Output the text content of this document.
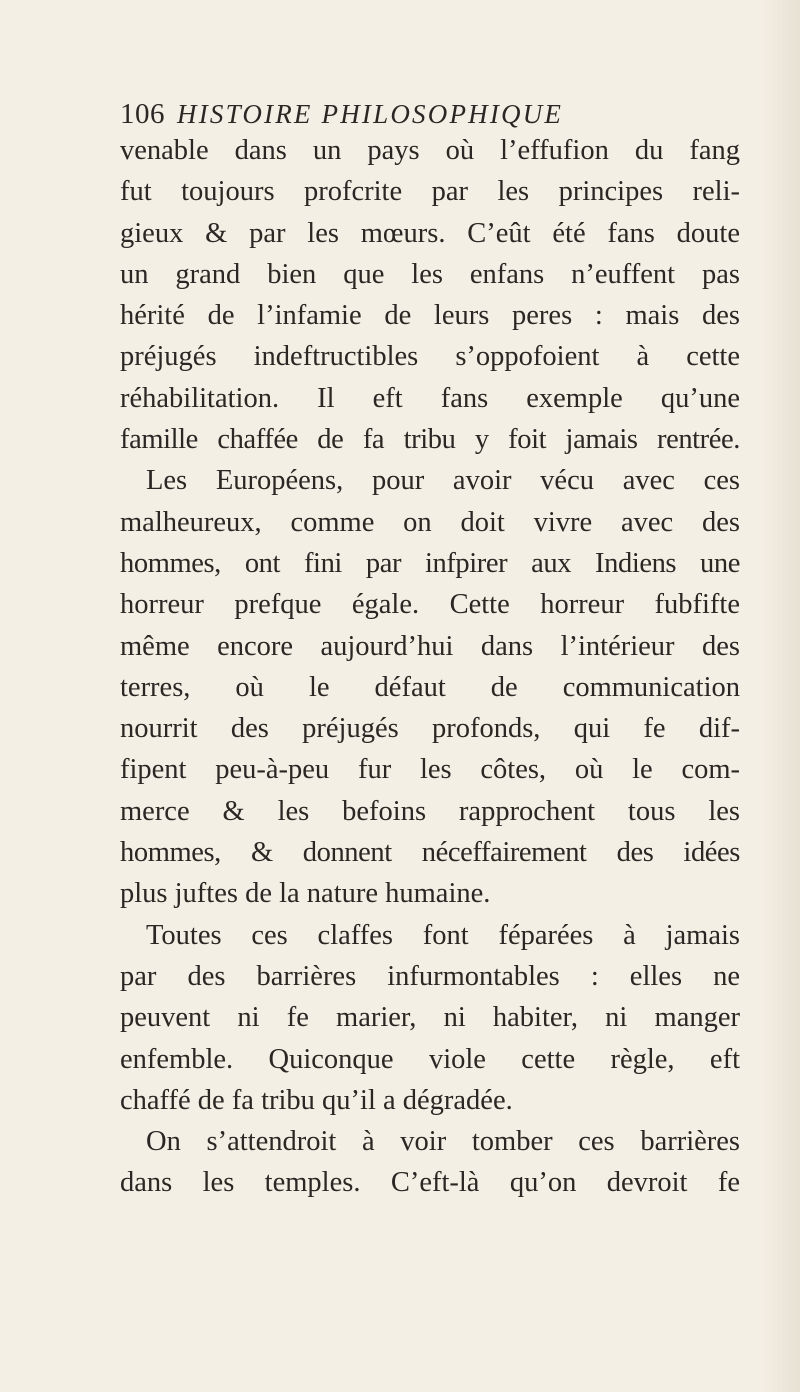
106 HISTOIRE PHILOSOPHIQUE
venable dans un pays où l’effufion du fang
fut toujours profcrite par les principes reli-
gieux & par les mœurs. C’eût été fans doute
un grand bien que les enfans n’euffent pas
hérité de l’infamie de leurs peres : mais des
préjugés indeftructibles s’oppofoient à cette
réhabilitation. Il eft fans exemple qu’une
famille chaffée de fa tribu y foit jamais rentrée.
Les Européens, pour avoir vécu avec ces
malheureux, comme on doit vivre avec des
hommes, ont fini par infpirer aux Indiens une
horreur prefque égale. Cette horreur fubfifte
même encore aujourd’hui dans l’intérieur des
terres, où le défaut de communication
nourrit des préjugés profonds, qui fe dif-
fipent peu-à-peu fur les côtes, où le com-
merce & les befoins rapprochent tous les
hommes, & donnent néceffairement des idées
plus juftes de la nature humaine.
Toutes ces claffes font féparées à jamais
par des barrières infurmontables : elles ne
peuvent ni fe marier, ni habiter, ni manger
enfemble. Quiconque viole cette règle, eft
chaffé de fa tribu qu’il a dégradée.
On s’attendroit à voir tomber ces barrières
dans les temples. C’eft-là qu’on devroit fe
